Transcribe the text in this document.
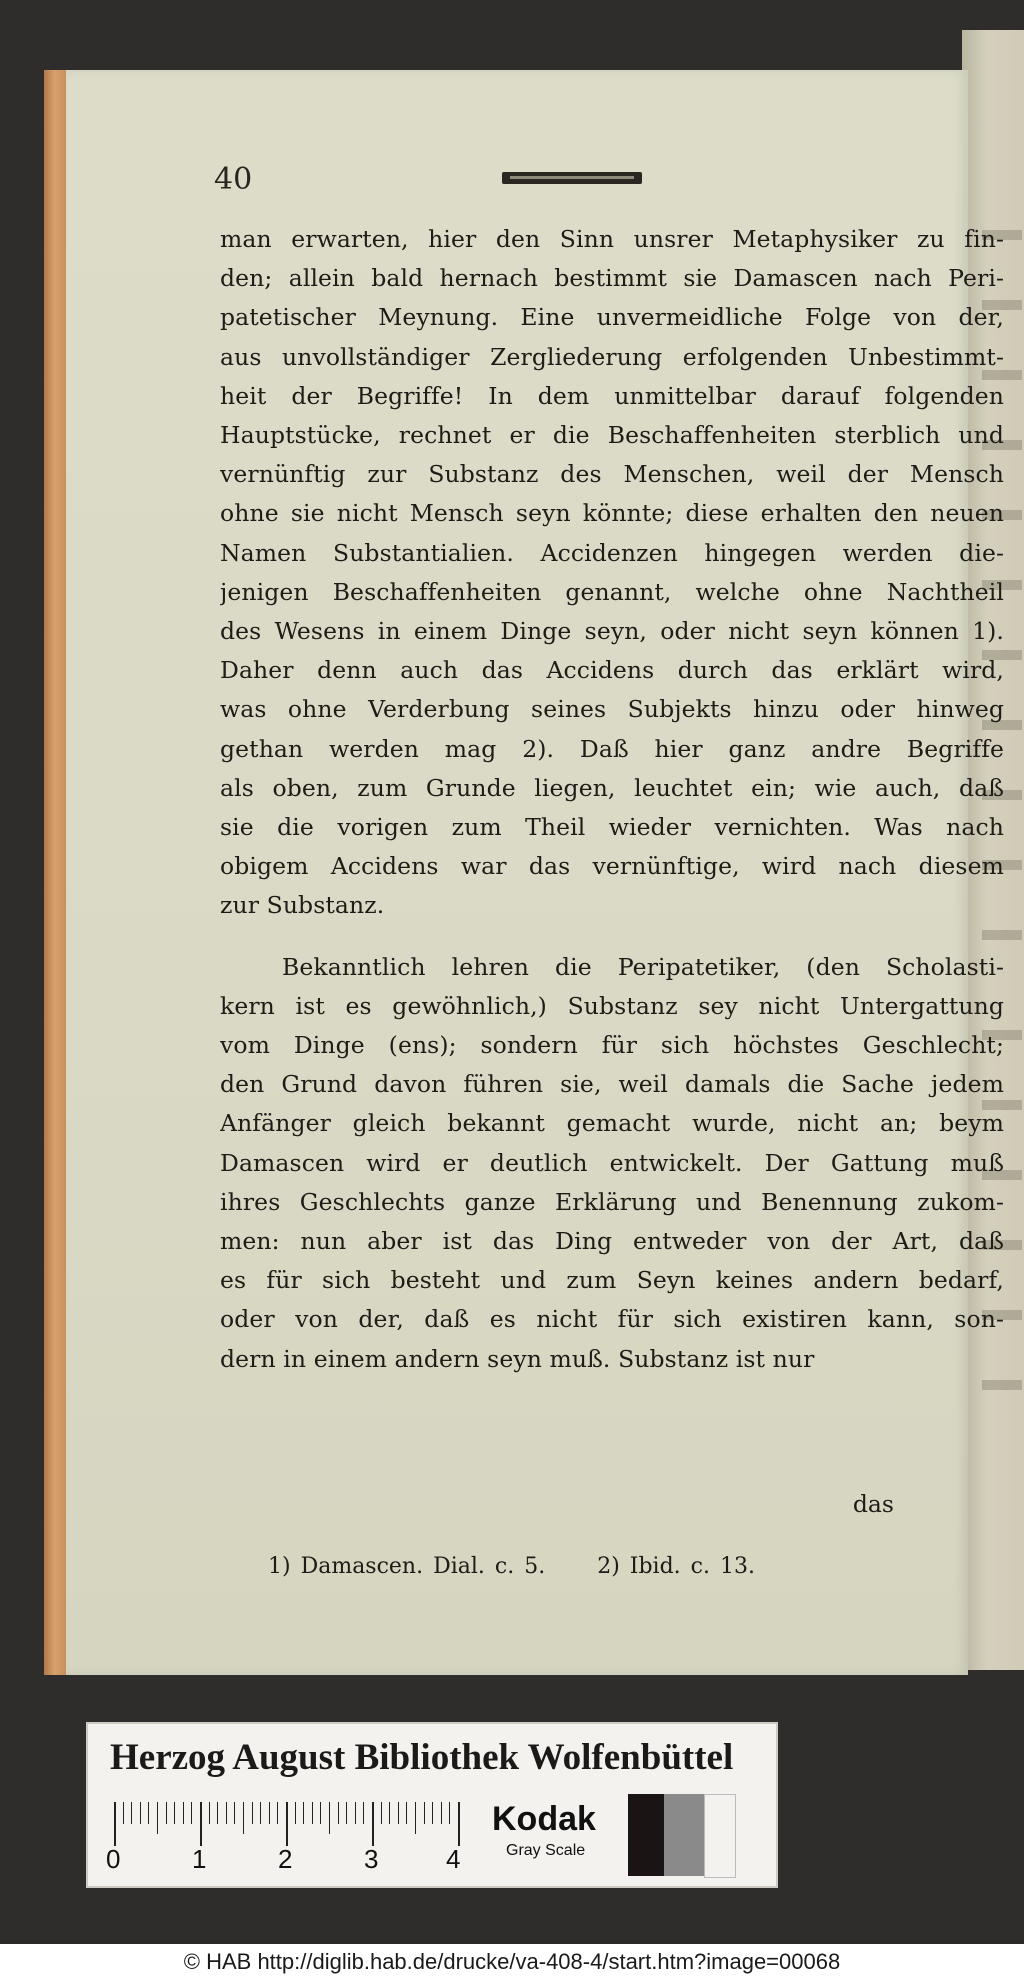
40

man erwarten, hier den Sinn unsrer Metaphysiker zu fin-
den; allein bald hernach bestimmt sie Damascen nach Peri-
patetischer Meynung. Eine unvermeidliche Folge von der,
aus unvollständiger Zergliederung erfolgenden Unbestimmt-
heit der Begriffe! In dem unmittelbar darauf folgenden
Hauptstücke, rechnet er die Beschaffenheiten sterblich und
vernünftig zur Substanz des Menschen, weil der Mensch
ohne sie nicht Mensch seyn könnte; diese erhalten den neuen
Namen Substantialien. Accidenzen hingegen werden die-
jenigen Beschaffenheiten genannt, welche ohne Nachtheil
des Wesens in einem Dinge seyn, oder nicht seyn können 1).
Daher denn auch das Accidens durch das erklärt wird,
was ohne Verderbung seines Subjekts hinzu oder hinweg
gethan werden mag 2). Daß hier ganz andre Begriffe
als oben, zum Grunde liegen, leuchtet ein; wie auch, daß
sie die vorigen zum Theil wieder vernichten. Was nach
obigem Accidens war das vernünftige, wird nach diesem
zur Substanz.

Bekanntlich lehren die Peripatetiker, (den Scholasti-
kern ist es gewöhnlich,) Substanz sey nicht Untergattung
vom Dinge (ens); sondern für sich höchstes Geschlecht;
den Grund davon führen sie, weil damals die Sache jedem
Anfänger gleich bekannt gemacht wurde, nicht an; beym
Damascen wird er deutlich entwickelt. Der Gattung muß
ihres Geschlechts ganze Erklärung und Benennung zukom-
men: nun aber ist das Ding entweder von der Art, daß
es für sich besteht und zum Seyn keines andern bedarf,
oder von der, daß es nicht für sich existiren kann, son-
dern in einem andern seyn muß. Substanz ist nur

das

1) Damascen. Dial. c. 5. 2) Ibid. c. 13.

Herzog August Bibliothek Wolfenbüttel

0	1	2	3	4

Kodak

Gray Scale

© HAB http://diglib.hab.de/drucke/va-408-4/start.htm?image=00068
